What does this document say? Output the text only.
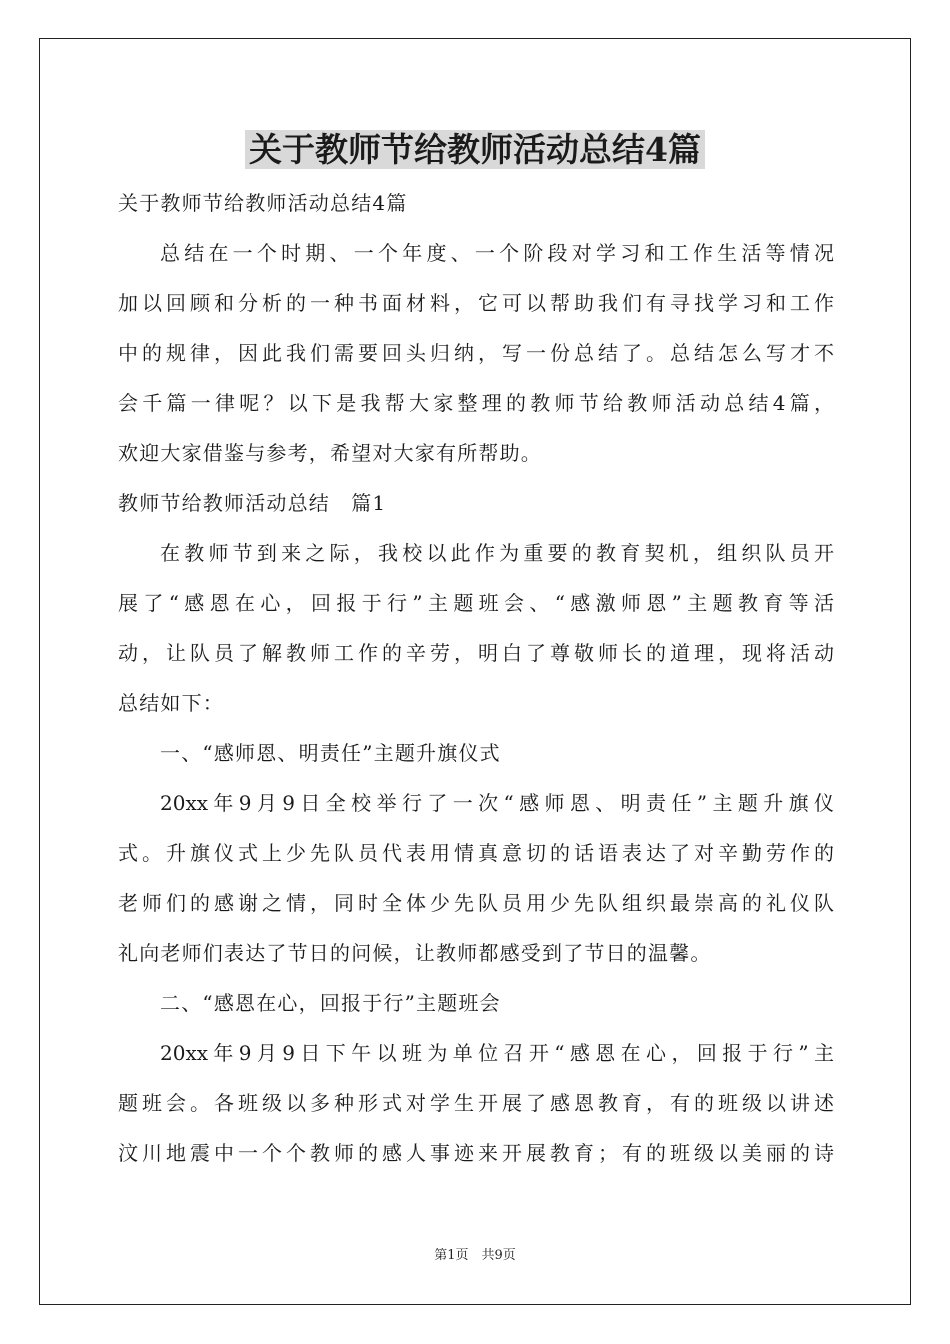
关于教师节给教师活动总结4篇

关于教师节给教师活动总结4篇

总结在一个时期、一个年度、一个阶段对学习和工作生活等情况

加以回顾和分析的一种书面材料，它可以帮助我们有寻找学习和工作

中的规律，因此我们需要回头归纳，写一份总结了。总结怎么写才不

会千篇一律呢？以下是我帮大家整理的教师节给教师活动总结4篇，

欢迎大家借鉴与参考，希望对大家有所帮助。

教师节给教师活动总结　篇1

在教师节到来之际，我校以此作为重要的教育契机，组织队员开

展了“感恩在心，回报于行”主题班会、“感激师恩”主题教育等活

动，让队员了解教师工作的辛劳，明白了尊敬师长的道理，现将活动

总结如下：

一、“感师恩、明责任”主题升旗仪式

20xx年9月9日全校举行了一次“感师恩、明责任”主题升旗仪

式。升旗仪式上少先队员代表用情真意切的话语表达了对辛勤劳作的

老师们的感谢之情，同时全体少先队员用少先队组织最崇高的礼仪队

礼向老师们表达了节日的问候，让教师都感受到了节日的温馨。

二、“感恩在心，回报于行”主题班会

20xx年9月9日下午以班为单位召开“感恩在心，回报于行”主

题班会。各班级以多种形式对学生开展了感恩教育，有的班级以讲述

汶川地震中一个个教师的感人事迹来开展教育；有的班级以美丽的诗

第1页　共9页
